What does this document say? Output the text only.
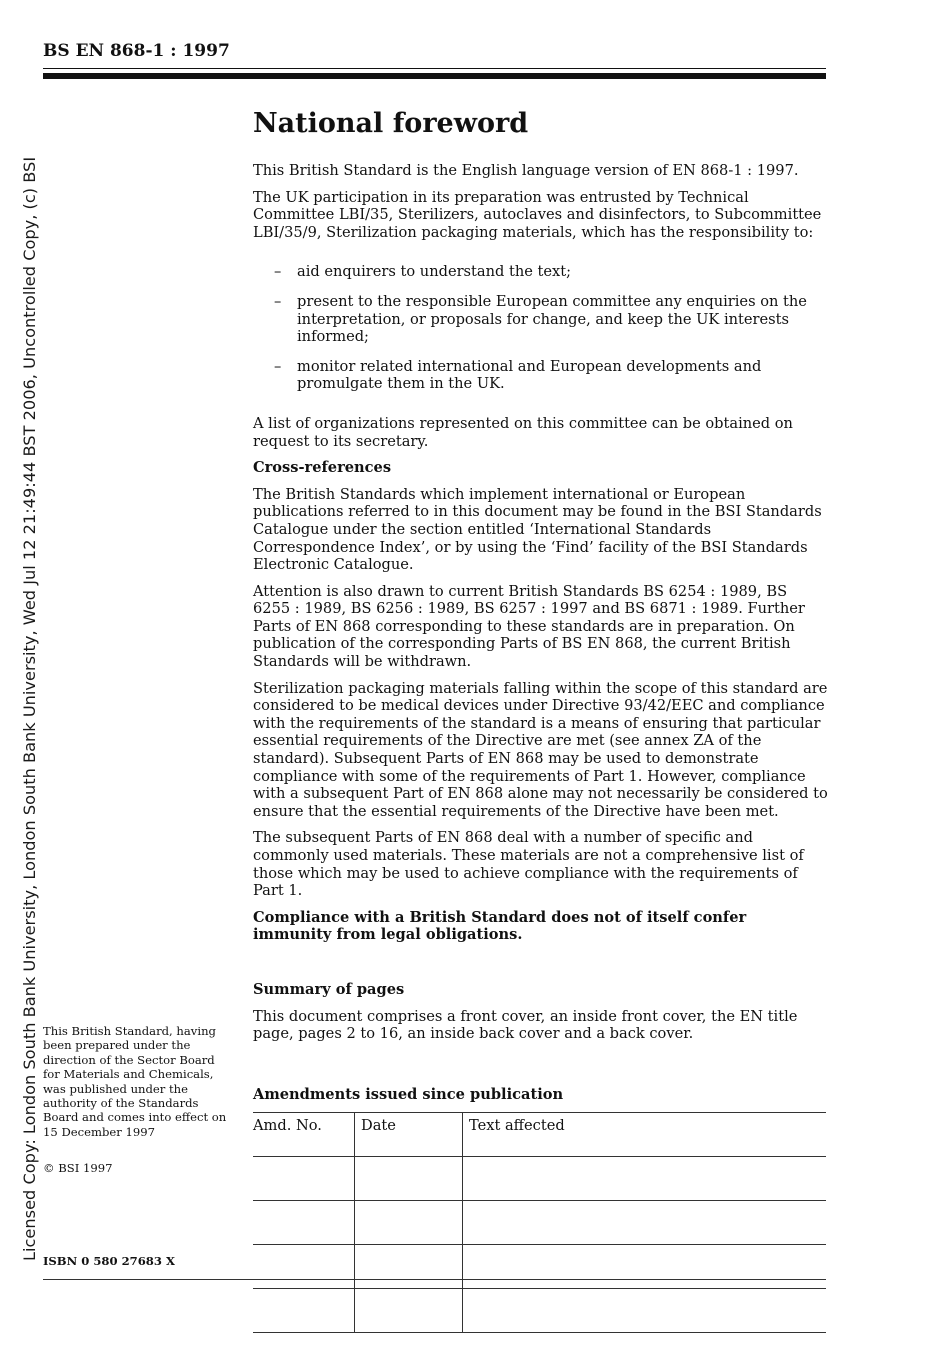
BS EN 868-1 : 1997
Licensed Copy: London South Bank University, London South Bank University, Wed Jul 12 21:49:44 BST 2006, Uncontrolled Copy, (c) BSI
National foreword

This British Standard is the English language version of EN 868-1 : 1997.

The UK participation in its preparation was entrusted by Technical Committee LBI/35, Sterilizers, autoclaves and disinfectors, to Subcommittee LBI/35/9, Sterilization packaging materials, which has the responsibility to:

– aid enquirers to understand the text;
– present to the responsible European committee any enquiries on the interpretation, or proposals for change, and keep the UK interests informed;
– monitor related international and European developments and promulgate them in the UK.

A list of organizations represented on this committee can be obtained on request to its secretary.

Cross-references

The British Standards which implement international or European publications referred to in this document may be found in the BSI Standards Catalogue under the section entitled ‘International Standards Correspondence Index’, or by using the ‘Find’ facility of the BSI Standards Electronic Catalogue.

Attention is also drawn to current British Standards BS 6254 : 1989, BS 6255 : 1989, BS 6256 : 1989, BS 6257 : 1997 and BS 6871 : 1989. Further Parts of EN 868 corresponding to these standards are in preparation. On publication of the corresponding Parts of BS EN 868, the current British Standards will be withdrawn.

Sterilization packaging materials falling within the scope of this standard are considered to be medical devices under Directive 93/42/EEC and compliance with the requirements of the standard is a means of ensuring that particular essential requirements of the Directive are met (see annex ZA of the standard). Subsequent Parts of EN 868 may be used to demonstrate compliance with some of the requirements of Part 1. However, compliance with a subsequent Part of EN 868 alone may not necessarily be considered to ensure that the essential requirements of the Directive have been met.

The subsequent Parts of EN 868 deal with a number of specific and commonly used materials. These materials are not a comprehensive list of those which may be used to achieve compliance with the requirements of Part 1.

Compliance with a British Standard does not of itself confer immunity from legal obligations.

Summary of pages

This document comprises a front cover, an inside front cover, the EN title page, pages 2 to 16, an inside back cover and a back cover.

Amendments issued since publication
Amd. No.	Date	Text affected

This British Standard, having been prepared under the direction of the Sector Board for Materials and Chemicals, was published under the authority of the Standards Board and comes into effect on 15 December 1997

© BSI 1997

ISBN 0 580 27683 X
